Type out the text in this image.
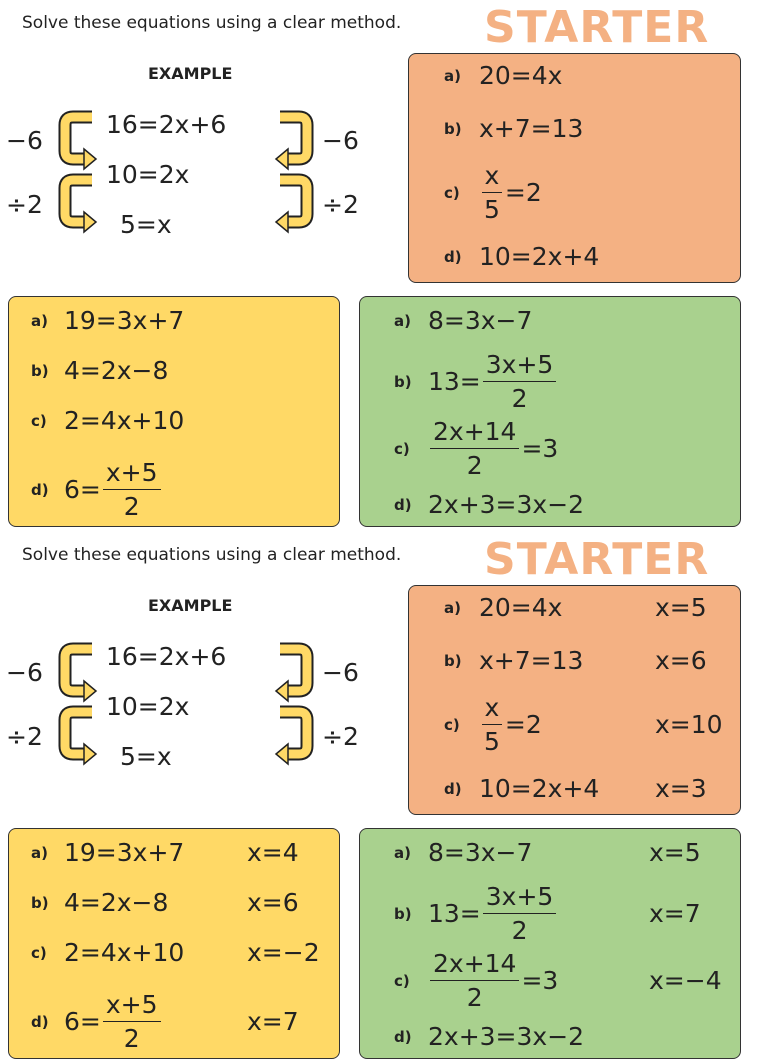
Solve these equations using a clear method. STARTER
EXAMPLE
16=2x+6
10=2x
5=x
−6
÷2
−6
÷2
a) 20=4x
b) x+7=13
$c) \frac{x}{5} =2$
d) 10=2x+4
a) 19=3x+7
b) 4=2x−8
c) 2=4x+10
d) $6= \frac{x+5}{2}$
a) 8=3x−7
b) $13= \frac{3x+5}{2}$
$c) \frac{2x+14}{2} =3$
d) 2x+3=3x−2
Solve these equations using a clear method. STARTER
EXAMPLE
16=2x+6
10=2x
5=x
−6
÷2
−6
÷2
a) 20=4x	x=5
b) x+7=13	x=6
$c) \frac{x}{5} =2$	x=10
d) 10=2x+4 x=3
a) 19=3x+7	x=4
b) 4=2x−8	x=6
c) 2=4x+10	x=−2
d) $6= \frac{x+5}{2}$	x=7
a) 8=3x−7	x=5
b) $13= \frac{3x+5}{2}$	x=7
$c) \frac{2x+14}{2} =3$	x=−4
d) 2x+3=3x−2
